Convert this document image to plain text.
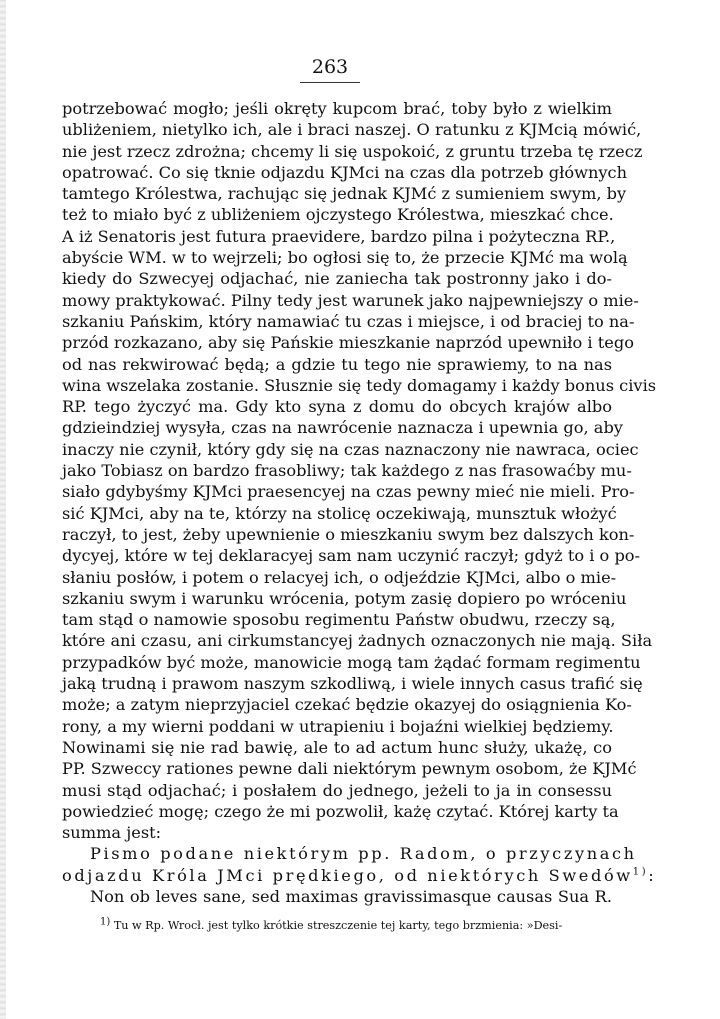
263
potrzebować mogło; jeśli okręty kupcom brać, toby było z wielkim
ubliżeniem, nietylko ich, ale i braci naszej. O ratunku z KJMcią mówić,
nie jest rzecz zdrożna; chcemy li się uspokoić, z gruntu trzeba tę rzecz
opatrować. Co się tknie odjazdu KJMci na czas dla potrzeb głównych
tamtego Królestwa, rachując się jednak KJMć z sumieniem swym, by
też to miało być z ubliżeniem ojczystego Królestwa, mieszkać chce.
A iż Senatoris jest futura praevidere, bardzo pilna i pożyteczna RP.,
abyście WM. w to wejrzeli; bo ogłosi się to, że przecie KJMć ma wolą
kiedy do Szwecyej odjachać, nie zaniecha tak postronny jako i do-
mowy praktykować. Pilny tedy jest warunek jako najpewniejszy o mie-
szkaniu Pańskim, który namawiać tu czas i miejsce, i od braciej to na-
przód rozkazano, aby się Pańskie mieszkanie naprzód upewniło i tego
od nas rekwirować będą; a gdzie tu tego nie sprawiemy, to na nas
wina wszelaka zostanie. Słusznie się tedy domagamy i każdy bonus civis
RP. tego życzyć ma. Gdy kto syna z domu do obcych krajów albo
gdzieindziej wysyła, czas na nawrócenie naznacza i upewnia go, aby
inaczy nie czynił, który gdy się na czas naznaczony nie nawraca, ociec
jako Tobiasz on bardzo frasobliwy; tak każdego z nas frasowaćby mu-
siało gdybyśmy KJMci praesencyej na czas pewny mieć nie mieli. Pro-
sić KJMci, aby na te, którzy na stolicę oczekiwają, munsztuk włożyć
raczył, to jest, żeby upewnienie o mieszkaniu swym bez dalszych kon-
dycyej, które w tej deklaracyej sam nam uczynić raczył; gdyż to i o po-
słaniu posłów, i potem o relacyej ich, o odjeździe KJMci, albo o mie-
szkaniu swym i warunku wrócenia, potym zasię dopiero po wróceniu
tam stąd o namowie sposobu regimentu Państw obudwu, rzeczy są,
które ani czasu, ani cirkumstancyej żadnych oznaczonych nie mają. Siła
przypadków być może, manowicie mogą tam żądać formam regimentu
jaką trudną i prawom naszym szkodliwą, i wiele innych casus trafić się
może; a zatym nieprzyjaciel czekać będzie okazyej do osiągnienia Ko-
rony, a my wierni poddani w utrapieniu i bojaźni wielkiej będziemy.
Nowinami się nie rad bawię, ale to ad actum hunc służy, ukażę, co
PP. Szweccy rationes pewne dali niektórym pewnym osobom, że KJMć
musi stąd odjachać; i posłałem do jednego, jeżeli to ja in consessu
powiedzieć mogę; czego że mi pozwolił, każę czytać. Której karty ta
summa jest:
Pismo podane niektórym pp. Radom, o przyczynach
odjazdu Króla JMci prędkiego, od niektórych Swedów$^{1)}$:
Non ob leves sane, sed maximas gravissimasque causas Sua R.
$^{1)}$ Tu w Rp. Wrocł. jest tylko krótkie streszczenie tej karty, tego brzmienia: »Desi-
